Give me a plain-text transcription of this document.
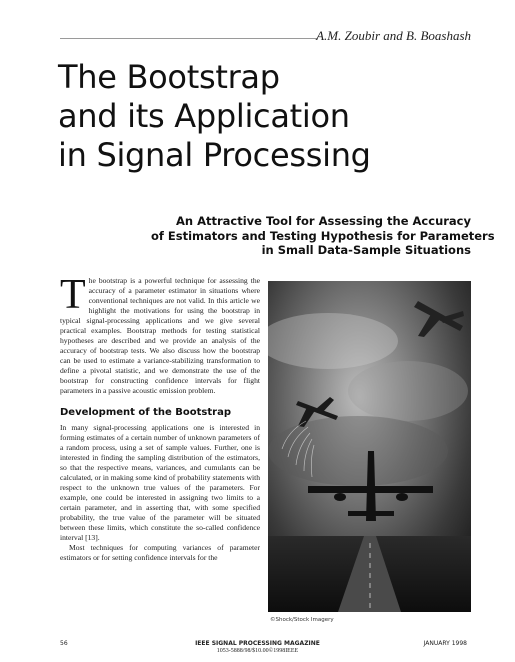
A.M. Zoubir and B. Boashash
The Bootstrap
and its Application
in Signal Processing
An Attractive Tool for Assessing the Accuracy
of Estimators and Testing Hypothesis for Parameters
in Small Data-Sample Situations

The bootstrap is a powerful technique for assessing the accuracy of a parameter estimator in situations where conventional techniques are not valid. In this article we highlight the motivations for using the bootstrap in typical signal-processing applications and we give several practical examples. Bootstrap methods for testing statistical hypotheses are described and we provide an analysis of the accuracy of bootstrap tests. We also discuss how the bootstrap can be used to estimate a variance-stabilizing transformation to define a pivotal statistic, and we demonstrate the use of the bootstrap for constructing confidence intervals for flight parameters in a passive acoustic emission problem.

Development of the Bootstrap

In many signal-processing applications one is interested in forming estimates of a certain number of unknown parameters of a random process, using a set of sample values. Further, one is interested in finding the sampling distribution of the estimators, so that the respective means, variances, and cumulants can be calculated, or in making some kind of probability statements with respect to the unknown true values of the parameters. For example, one could be interested in assigning two limits to a certain parameter, and in asserting that, with some specified probability, the true value of the parameter will be situated between these limits, which constitute the so-called confidence interval [13].

Most techniques for computing variances of parameter estimators or for setting confidence intervals for the

©Shock/Stock Imagery
56	IEEE SIGNAL PROCESSING MAGAZINE
1053-5888/98/$10.00©1998IEEE
JANUARY 1998
